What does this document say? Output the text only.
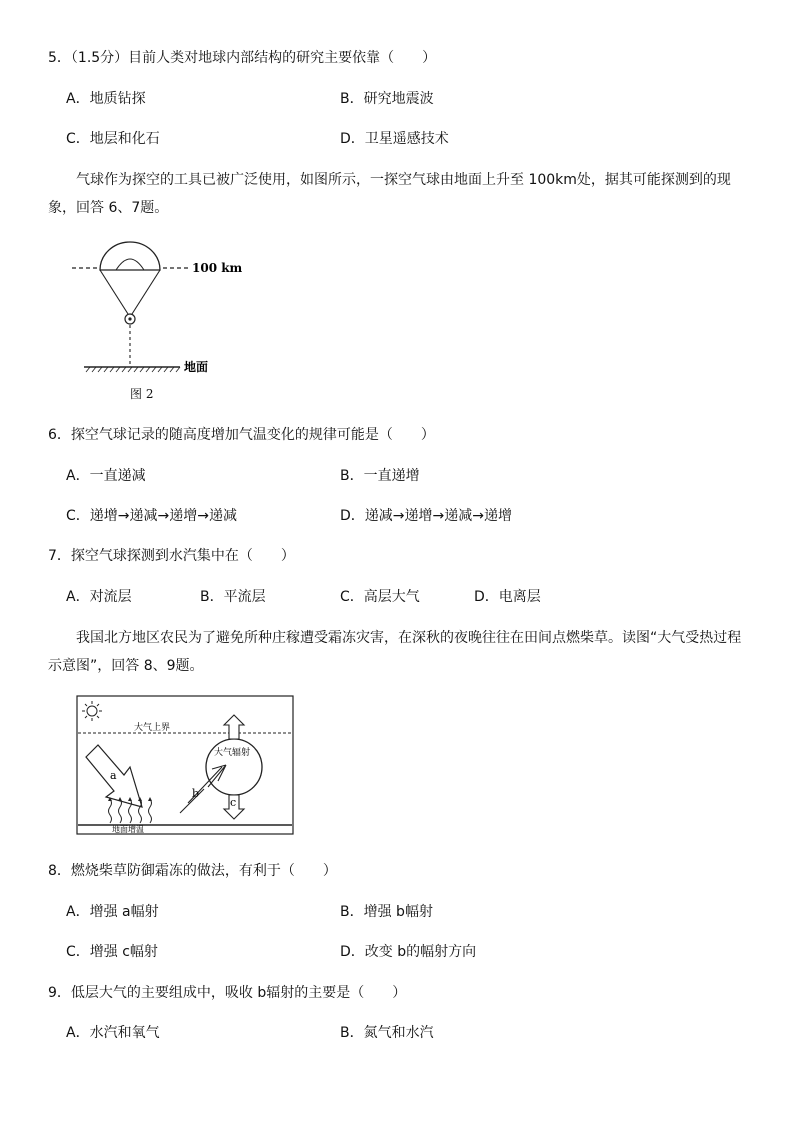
5．（1.5分）目前人类对地球内部结构的研究主要依靠（　　）
A．地质钻探	B．研究地震波
C．地层和化石	D．卫星遥感技术
气球作为探空的工具已被广泛使用，如图所示，一探空气球由地面上升至 100km处，据其可能探测到的现象，回答 6、7题。
100 km
地面
图 2
6．探空气球记录的随高度增加气温变化的规律可能是（　　）
A．一直递减	B．一直递增
C．递增→递减→递增→递减	D．递减→递增→递减→递增
7．探空气球探测到水汽集中在（　　）
A．对流层	B．平流层	C．高层大气	D．电离层
我国北方地区农民为了避免所种庄稼遭受霜冻灾害，在深秋的夜晚往往在田间点燃柴草。读图“大气受热过程示意图”，回答 8、9题。
大气上界
a
地面增温
大气辐射
c
b
8．燃烧柴草防御霜冻的做法，有利于（　　）
A．增强 a幅射	B．增强 b幅射
C．增强 c幅射	D．改变 b的幅射方向
9．低层大气的主要组成中，吸收 b辐射的主要是（　　）
A．水汽和氧气	B．氮气和水汽
